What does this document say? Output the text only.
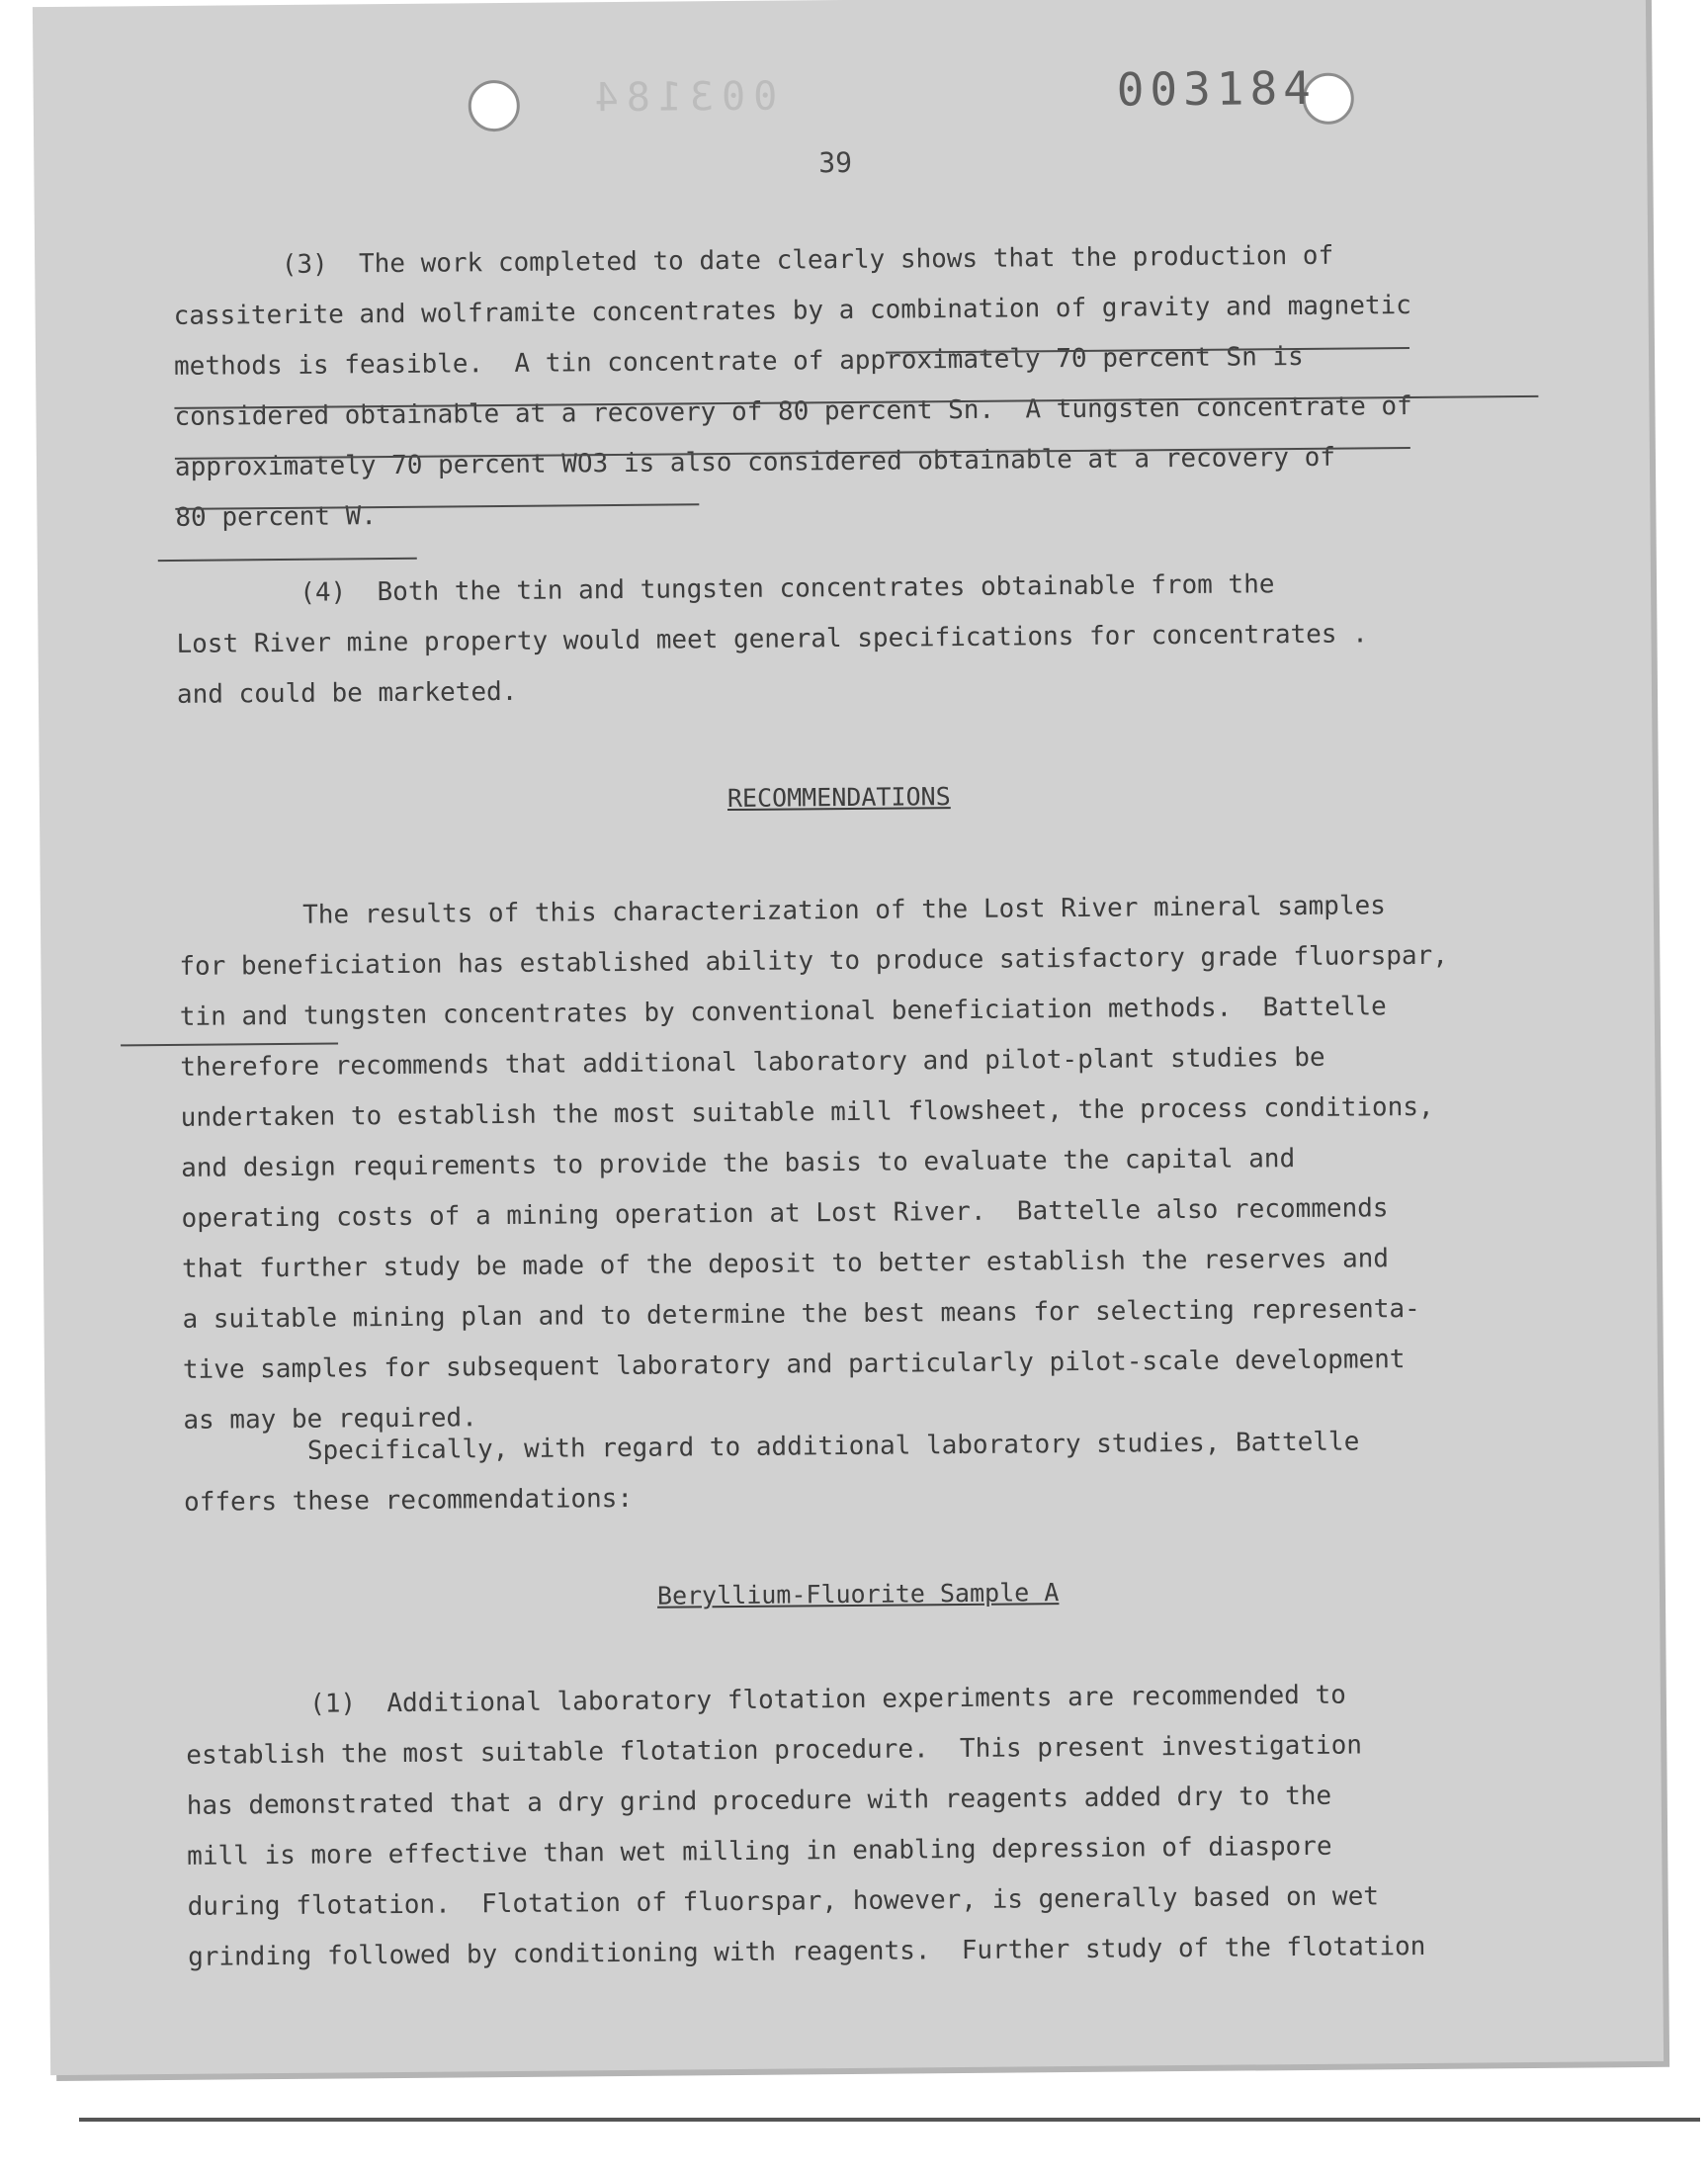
003184	003184
39
(3)  The work completed to date clearly shows that the production of
cassiterite and wolframite concentrates by a combination of gravity and magnetic
methods is feasible.  A tin concentrate of approximately 70 percent Sn is
considered obtainable at a recovery of 80 percent Sn.  A tungsten concentrate of
approximately 70 percent WO3 is also considered obtainable at a recovery of
80 percent W.
(4)  Both the tin and tungsten concentrates obtainable from the
Lost River mine property would meet general specifications for concentrates .
and could be marketed.
RECOMMENDATIONS
The results of this characterization of the Lost River mineral samples
for beneficiation has established ability to produce satisfactory grade fluorspar,
tin and tungsten concentrates by conventional beneficiation methods.  Battelle
therefore recommends that additional laboratory and pilot-plant studies be
undertaken to establish the most suitable mill flowsheet, the process conditions,
and design requirements to provide the basis to evaluate the capital and
operating costs of a mining operation at Lost River.  Battelle also recommends
that further study be made of the deposit to better establish the reserves and
a suitable mining plan and to determine the best means for selecting representa-
tive samples for subsequent laboratory and particularly pilot-scale development
as may be required.
Specifically, with regard to additional laboratory studies, Battelle
offers these recommendations:
Beryllium-Fluorite Sample A
(1)  Additional laboratory flotation experiments are recommended to
establish the most suitable flotation procedure.  This present investigation
has demonstrated that a dry grind procedure with reagents added dry to the
mill is more effective than wet milling in enabling depression of diaspore
during flotation.  Flotation of fluorspar, however, is generally based on wet
grinding followed by conditioning with reagents.  Further study of the flotation
